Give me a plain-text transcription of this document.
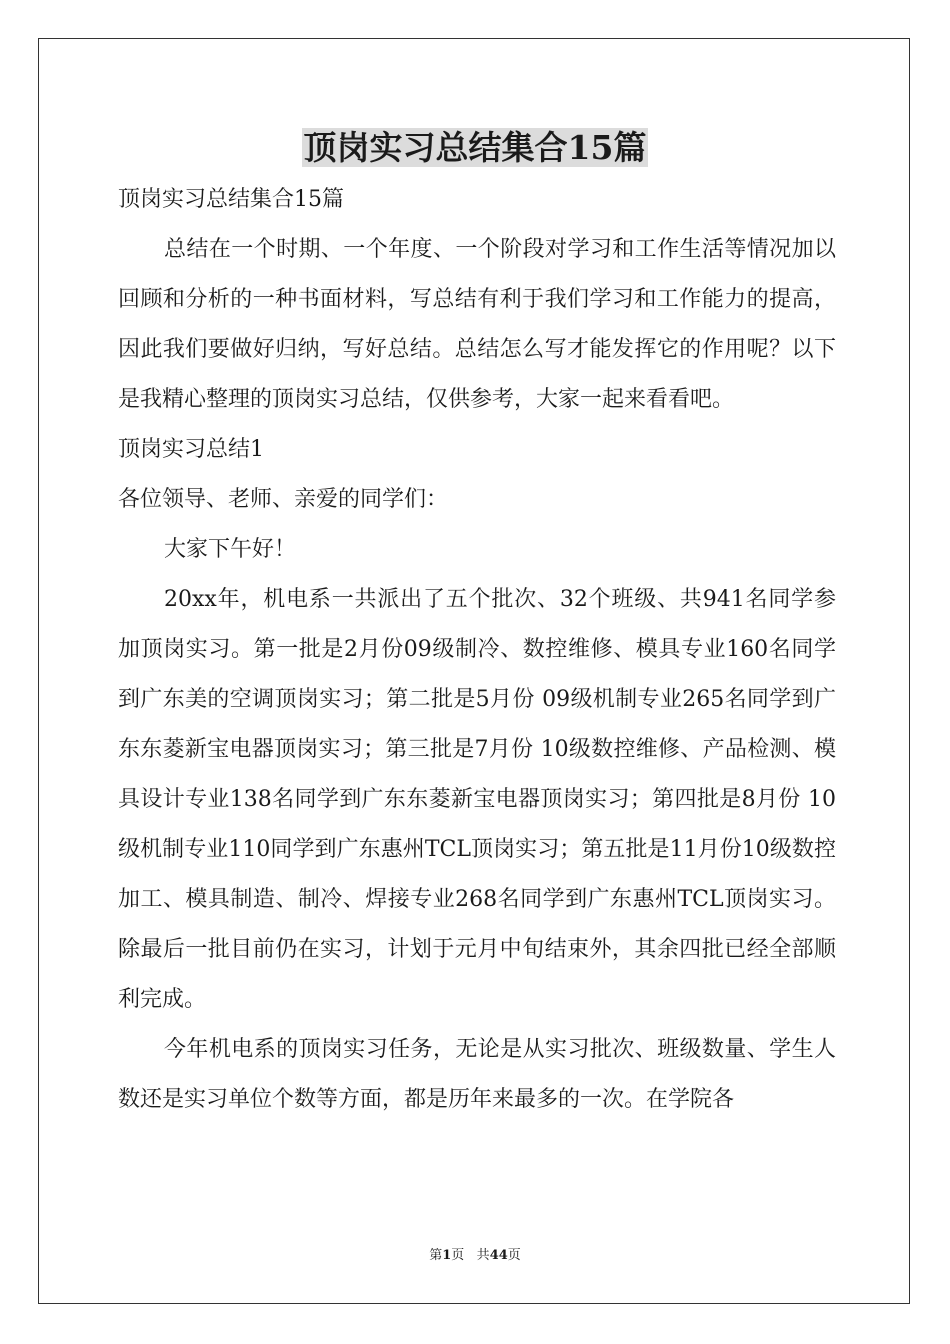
顶岗实习总结集合15篇

顶岗实习总结集合15篇

总结在一个时期、一个年度、一个阶段对学习和工作生活等情况加以回顾和分析的一种书面材料，写总结有利于我们学习和工作能力的提高，因此我们要做好归纳，写好总结。总结怎么写才能发挥它的作用呢？以下是我精心整理的顶岗实习总结，仅供参考，大家一起来看看吧。

顶岗实习总结1

各位领导、老师、亲爱的同学们：

大家下午好！

20xx年，机电系一共派出了五个批次、32个班级、共941名同学参加顶岗实习。第一批是2月份09级制冷、数控维修、模具专业160名同学到广东美的空调顶岗实习；第二批是5月份 09级机制专业265名同学到广东东菱新宝电器顶岗实习；第三批是7月份 10级数控维修、产品检测、模具设计专业138名同学到广东东菱新宝电器顶岗实习；第四批是8月份 10级机制专业110同学到广东惠州TCL顶岗实习；第五批是11月份10级数控加工、模具制造、制冷、焊接专业268名同学到广东惠州TCL顶岗实习。除最后一批目前仍在实习，计划于元月中旬结束外，其余四批已经全部顺利完成。

今年机电系的顶岗实习任务，无论是从实习批次、班级数量、学生人数还是实习单位个数等方面，都是历年来最多的一次。在学院各

第1页 共44页
